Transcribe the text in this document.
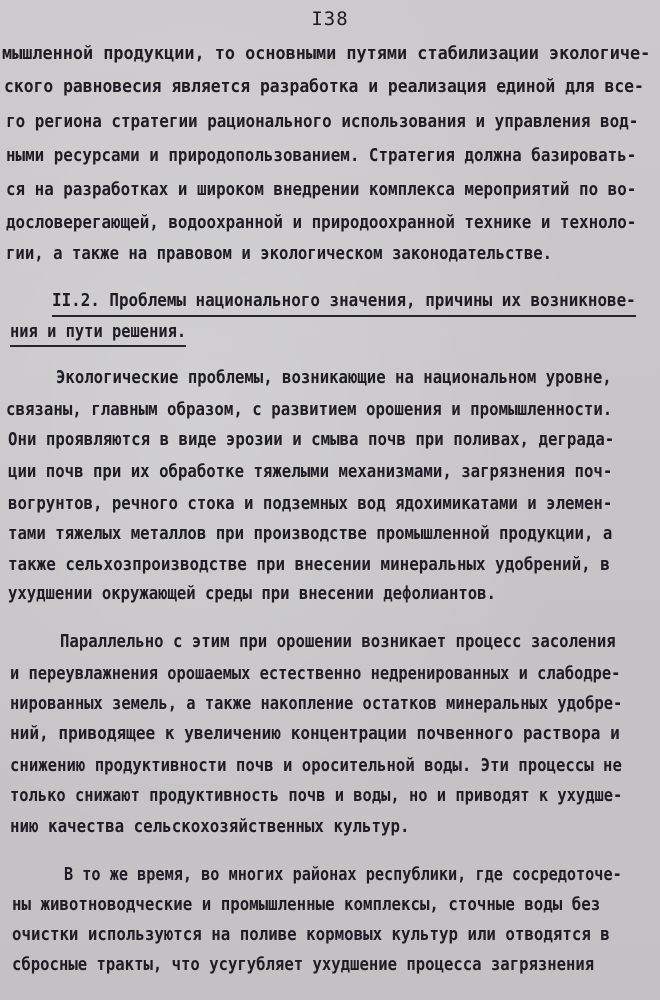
I38
мышленной продукции, то основными путями стабилизации экологиче-
ского равновесия является разработка и реализация единой для все-
го региона стратегии рационального использования и управления вод-
ными ресурсами и природопользованием. Стратегия должна базировать-
ся на разработках и широком внедрении комплекса мероприятий по во-
дословерегающей, водоохранной и природоохранной технике и техноло-
гии, а также на правовом и экологическом законодательстве.
II.2. Проблемы национального значения, причины их возникнове-
ния и пути решения.
Экологические проблемы, возникающие на национальном уровне,
связаны, главным образом, с развитием орошения и промышленности.
Они проявляются в виде эрозии и смыва почв при поливах, деграда-
ции почв при их обработке тяжелыми механизмами, загрязнения поч-
вогрунтов, речного стока и подземных вод ядохимикатами и элемен-
тами тяжелых металлов при производстве промышленной продукции, а
также сельхозпроизводстве при внесении минеральных удобрений, в
ухудшении окружающей среды при внесении дефолиантов.
Параллельно с этим при орошении возникает процесс засоления
и переувлажнения орошаемых естественно недренированных и слабодре-
нированных земель, а также накопление остатков минеральных удобре-
ний, приводящее к увеличению концентрации почвенного раствора и
снижению продуктивности почв и оросительной воды. Эти процессы не
только снижают продуктивность почв и воды, но и приводят к ухудше-
нию качества сельскохозяйственных культур.
В то же время, во многих районах республики, где сосредоточе-
ны животноводческие и промышленные комплексы, сточные воды без
очистки используются на поливе кормовых культур или отводятся в
сбросные тракты, что усугубляет ухудшение процесса загрязнения
